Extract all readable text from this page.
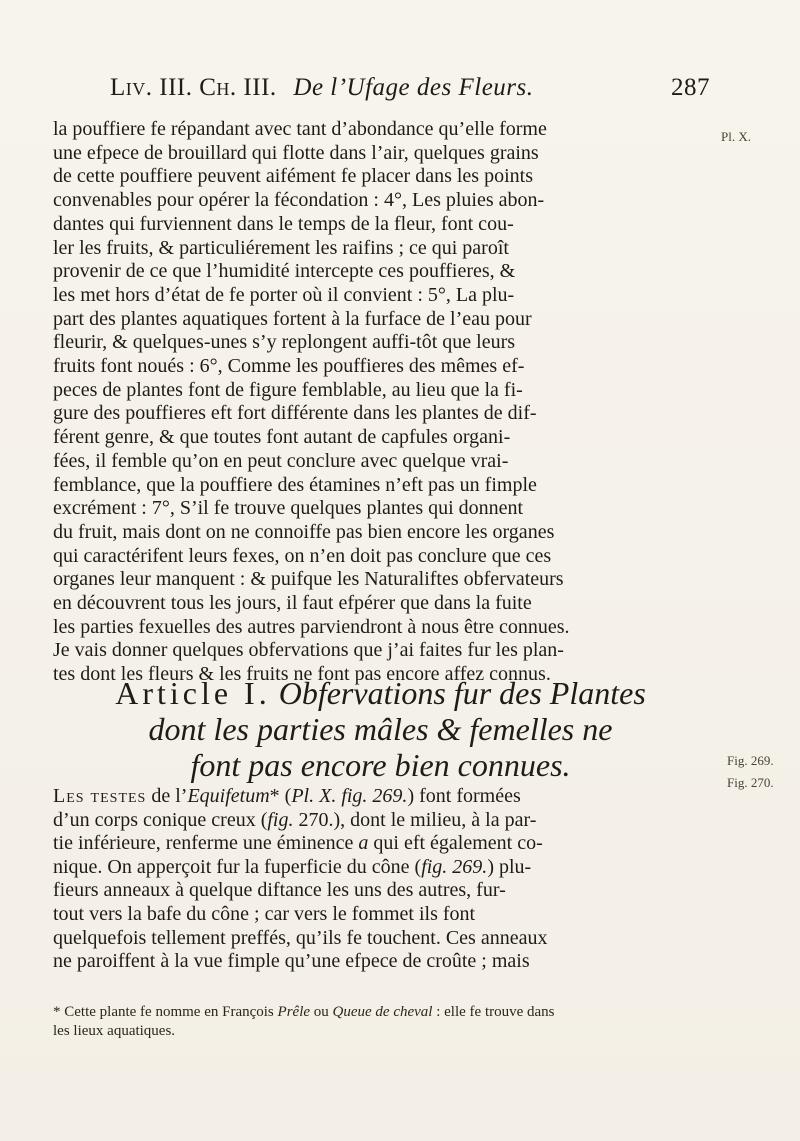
Liv. III. Ch. III. De l’Ufage des Fleurs.	287
Pl. X.
Fig. 269.
Fig. 270.

la pouffiere fe répandant avec tant d’abondance qu’elle forme

une efpece de brouillard qui flotte dans l’air, quelques grains

de cette pouffiere peuvent aifément fe placer dans les points

convenables pour opérer la fécondation : 4°, Les pluies abon-

dantes qui furviennent dans le temps de la fleur, font cou-

ler les fruits, & particuliérement les raifins ; ce qui paroît

provenir de ce que l’humidité intercepte ces pouffieres, &

les met hors d’état de fe porter où il convient : 5°, La plu-

part des plantes aquatiques fortent à la furface de l’eau pour

fleurir, & quelques-unes s’y replongent auffi-tôt que leurs

fruits font noués : 6°, Comme les pouffieres des mêmes ef-

peces de plantes font de figure femblable, au lieu que la fi-

gure des pouffieres eft fort différente dans les plantes de dif-

férent genre, & que toutes font autant de capfules organi-

fées, il femble qu’on en peut conclure avec quelque vrai-

femblance, que la pouffiere des étamines n’eft pas un fimple

excrément : 7°, S’il fe trouve quelques plantes qui donnent

du fruit, mais dont on ne connoiffe pas bien encore les organes

qui caractérifent leurs fexes, on n’en doit pas conclure que ces

organes leur manquent : & puifque les Naturaliftes obfervateurs

en découvrent tous les jours, il faut efpérer que dans la fuite

les parties fexuelles des autres parviendront à nous être connues.

Je vais donner quelques obfervations que j’ai faites fur les plan-

tes dont les fleurs & les fruits ne font pas encore affez connus.

Article I. Obfervations fur des Plantes
dont les parties mâles & femelles ne
font pas encore bien connues.
Les testes de l’Equifetum* (Pl. X. fig. 269.) font formées
d’un corps conique creux (fig. 270.), dont le milieu, à la par-
tie inférieure, renferme une éminence a qui eft également co-
nique. On apperçoit fur la fuperficie du cône (fig. 269.) plu-
fieurs anneaux à quelque diftance les uns des autres, fur-
tout vers la bafe du cône ; car vers le fommet ils font
quelquefois tellement preffés, qu’ils fe touchent. Ces anneaux
ne paroiffent à la vue fimple qu’une efpece de croûte ; mais
* Cette plante fe nomme en François Prêle ou Queue de cheval : elle fe trouve dans
les lieux aquatiques.
